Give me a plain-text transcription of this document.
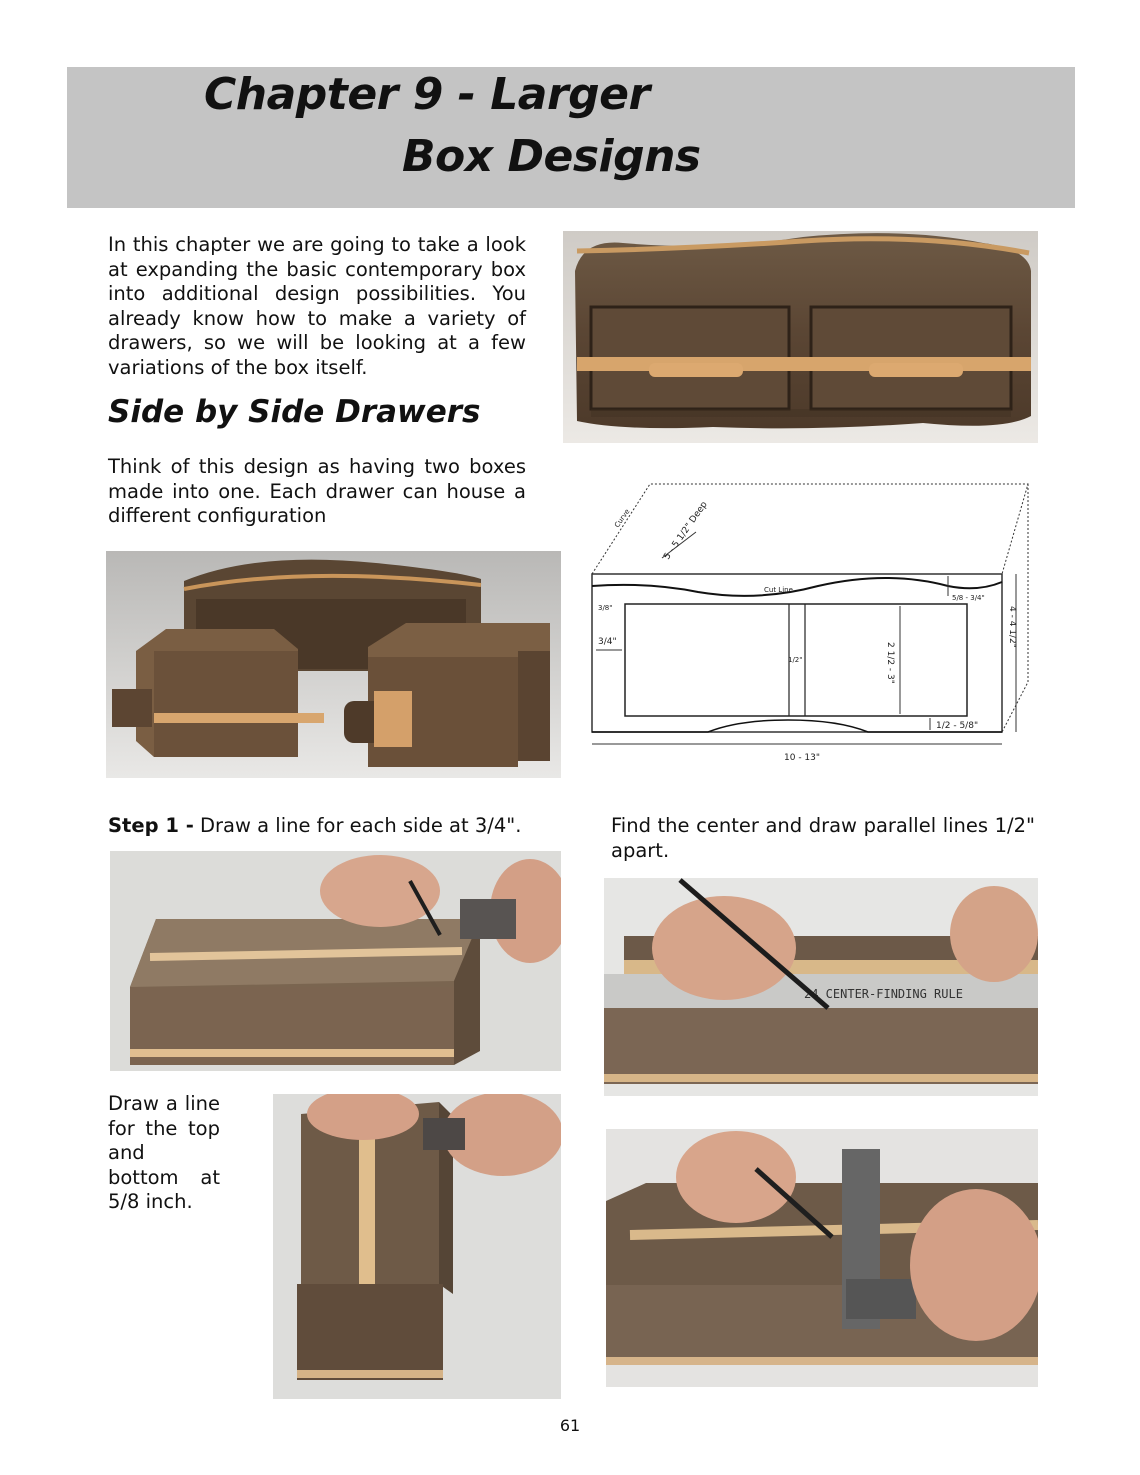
Chapter 9 - Larger
Box Designs

In this chapter we are going to take a look at expanding the basic contemporary box into additional design possibilities. You already know how to make a variety of drawers, so we will be looking at a few variations of the box itself.

Side by Side Drawers

Think of this design as having two boxes made into one. Each drawer can house a different configuration	Curve	5 - 5 1/2" Deep
Cut Line
5/8 - 3/4"
4 - 4 1/2"
3/8"
3/4"
1/2"	2 1/2 - 3"
1/2 - 5/8"
10 - 13"
Step 1 - Draw a line for each side at 3/4".	Find the center and draw parallel lines 1/2" apart.

24 CENTER-FINDING RULE

Draw a line for the top and bottom at 5/8 inch.

61
